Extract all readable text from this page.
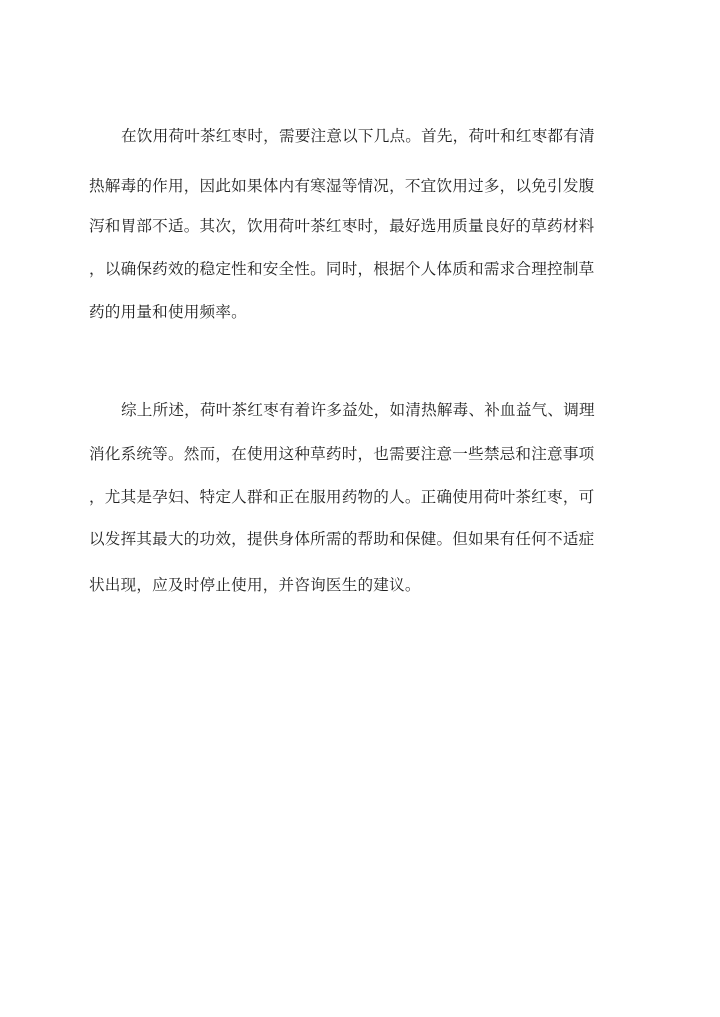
在饮用荷叶茶红枣时，需要注意以下几点。首先，荷叶和红枣都有清

热解毒的作用，因此如果体内有寒湿等情况，不宜饮用过多，以免引发腹

泻和胃部不适。其次，饮用荷叶茶红枣时，最好选用质量良好的草药材料

，以确保药效的稳定性和安全性。同时，根据个人体质和需求合理控制草

药的用量和使用频率。

综上所述，荷叶茶红枣有着许多益处，如清热解毒、补血益气、调理

消化系统等。然而，在使用这种草药时，也需要注意一些禁忌和注意事项

，尤其是孕妇、特定人群和正在服用药物的人。正确使用荷叶茶红枣，可

以发挥其最大的功效，提供身体所需的帮助和保健。但如果有任何不适症

状出现，应及时停止使用，并咨询医生的建议。
